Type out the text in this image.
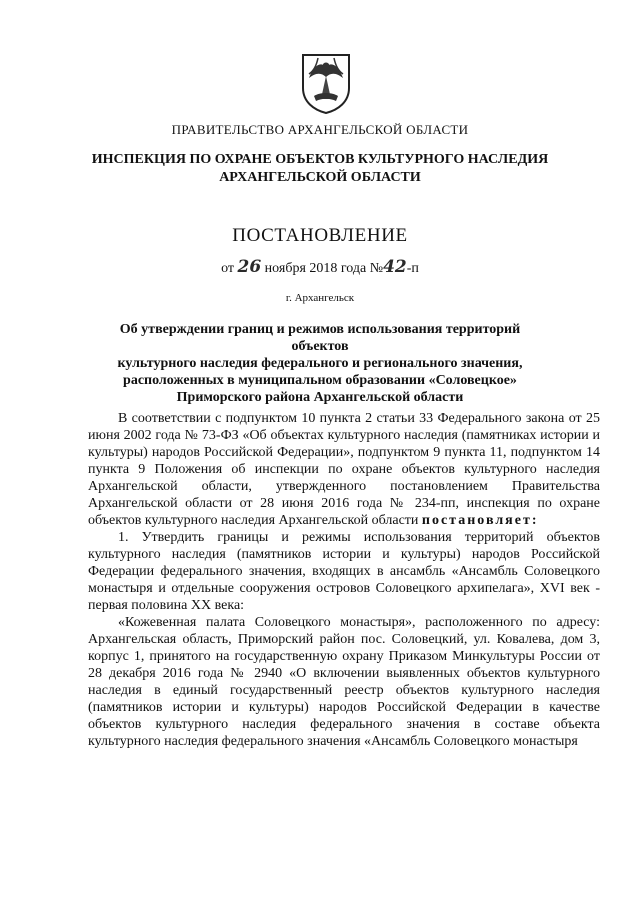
ПРАВИТЕЛЬСТВО АРХАНГЕЛЬСКОЙ ОБЛАСТИ
ИНСПЕКЦИЯ ПО ОХРАНЕ ОБЪЕКТОВ КУЛЬТУРНОГО НАСЛЕДИЯ
АРХАНГЕЛЬСКОЙ ОБЛАСТИ
ПОСТАНОВЛЕНИЕ
от 26 ноября 2018 года №42-п
г. Архангельск
Об утверждении границ и режимов использования территорий объектов
культурного наследия федерального и регионального значения,
расположенных в муниципальном образовании «Соловецкое»
Приморского района Архангельской области

В соответствии с подпунктом 10 пункта 2 статьи 33 Федерального закона от 25 июня 2002 года № 73-ФЗ «Об объектах культурного наследия (памятниках истории и культуры) народов Российской Федерации», подпунктом 9 пункта 11, подпунктом 14 пункта 9 Положения об инспекции по охране объектов культурного наследия Архангельской области, утвержденного постановлением Правительства Архангельской области от 28 июня 2016 года № 234-пп, инспекция по охране объектов культурного наследия Архангельской области постановляет:

1. Утвердить границы и режимы использования территорий объектов культурного наследия (памятников истории и культуры) народов Российской Федерации федерального значения, входящих в ансамбль «Ансамбль Соловецкого монастыря и отдельные сооружения островов Соловецкого архипелага», XVI век - первая половина XX века:

«Кожевенная палата Соловецкого монастыря», расположенного по адресу: Архангельская область, Приморский район пос. Соловецкий, ул. Ковалева, дом 3, корпус 1, принятого на государственную охрану Приказом Минкультуры России от 28 декабря 2016 года № 2940 «О включении выявленных объектов культурного наследия в единый государственный реестр объектов культурного наследия (памятников истории и культуры) народов Российской Федерации в качестве объектов культурного наследия федерального значения в составе объекта культурного наследия федерального значения «Ансамбль Соловецкого монастыря
